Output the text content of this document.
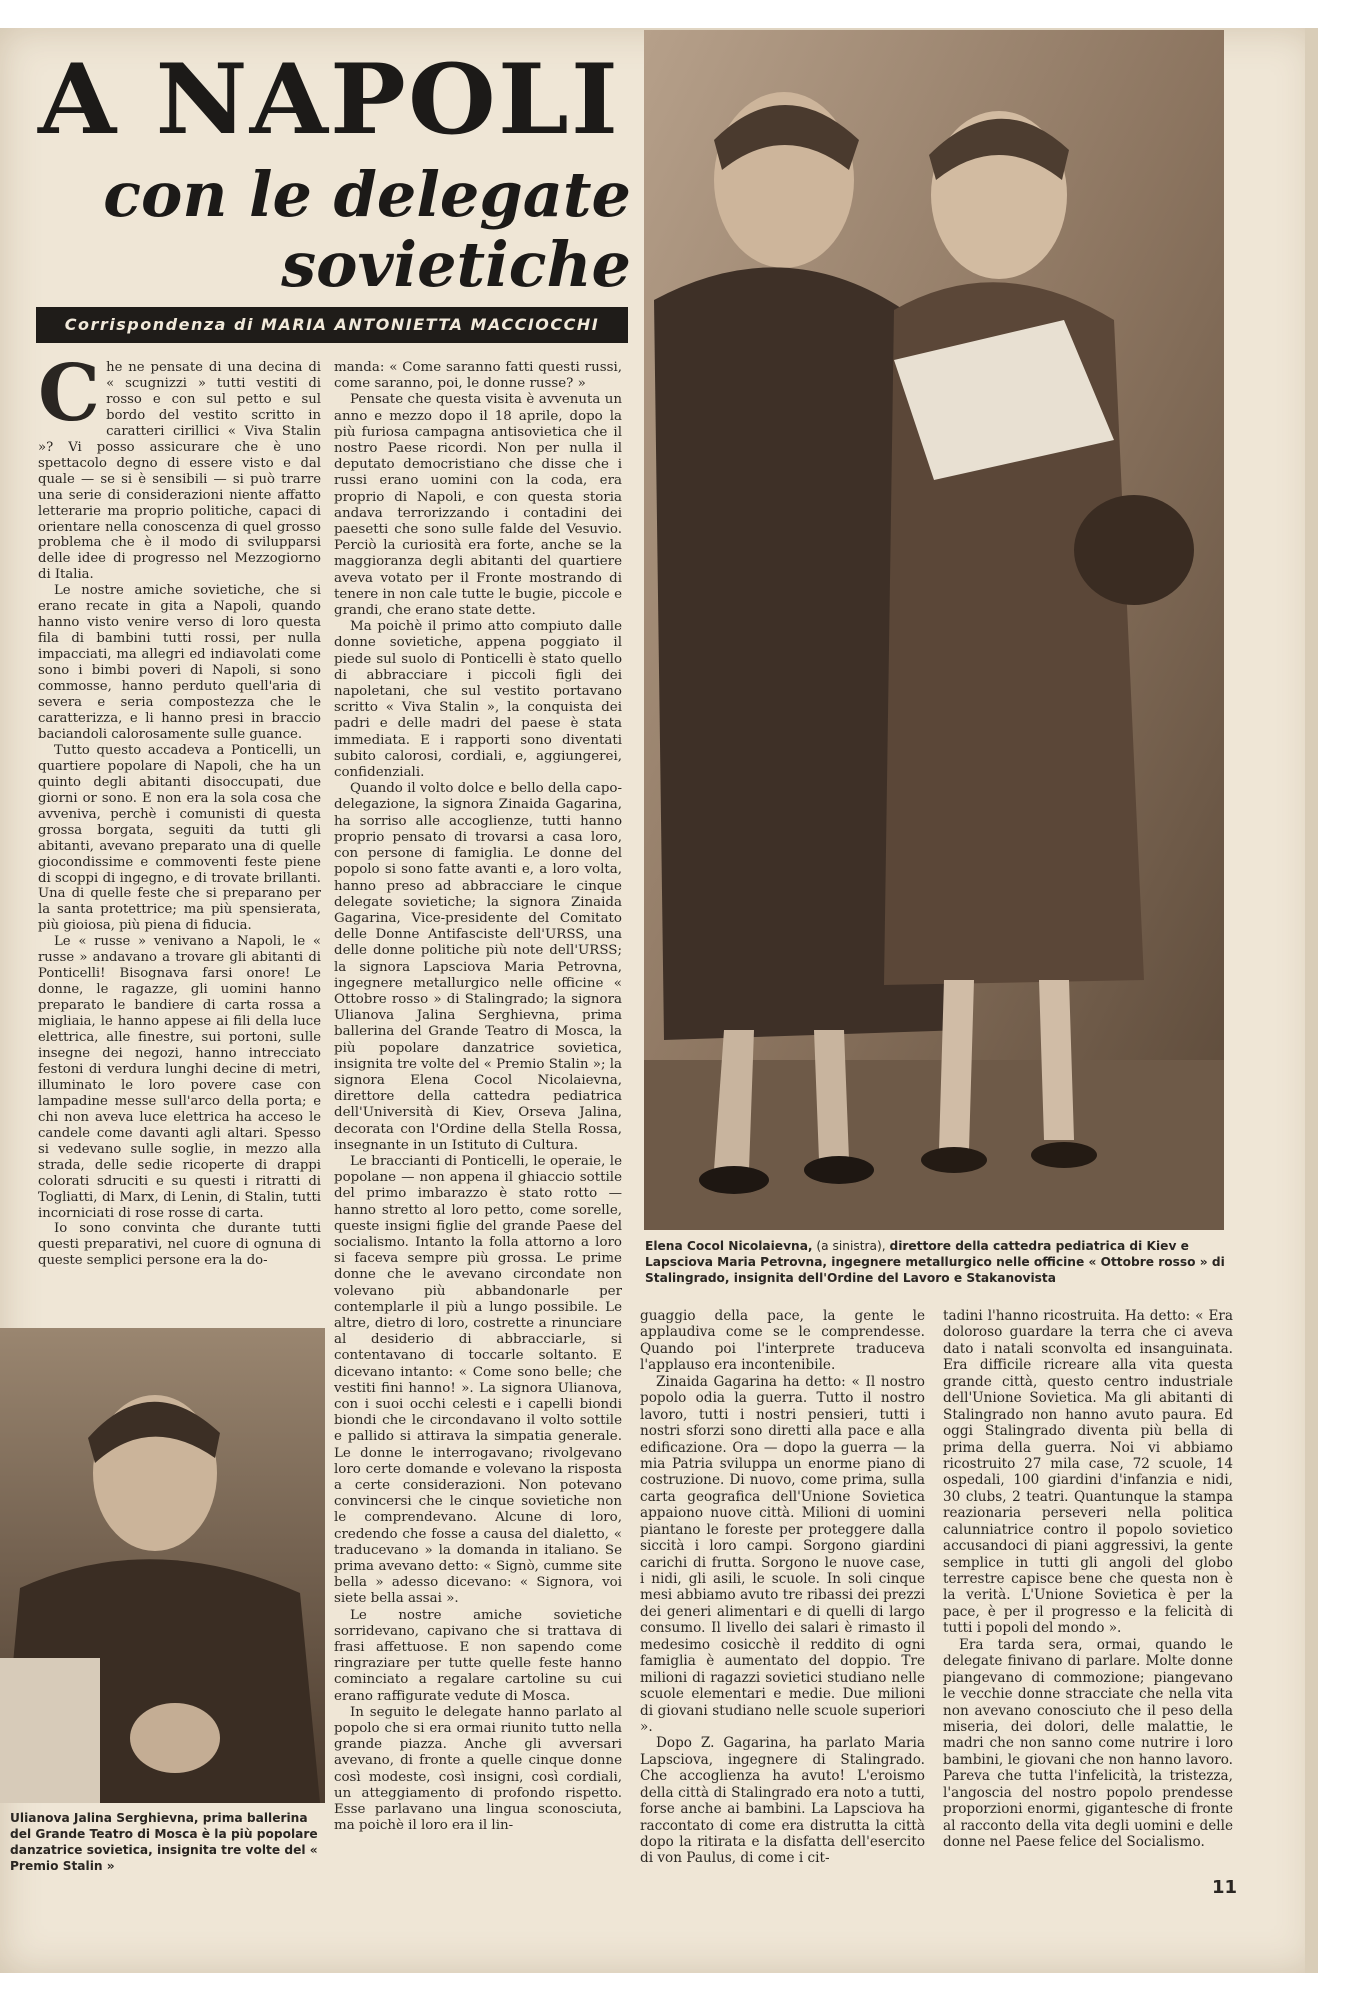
A NAPOLI
con le delegate sovietiche
Corrispondenza di MARIA ANTONIETTA MACCIOCCHI

Che ne pensate di una decina di « scugnizzi » tutti vestiti di rosso e con sul petto e sul bordo del vestito scritto in caratteri cirillici « Viva Stalin »? Vi posso assicurare che è uno spettacolo degno di essere visto e dal quale — se si è sensibili — si può trarre una serie di considerazioni niente affatto letterarie ma proprio politiche, capaci di orientare nella conoscenza di quel grosso problema che è il modo di svilupparsi delle idee di progresso nel Mezzogiorno di Italia.

Le nostre amiche sovietiche, che si erano recate in gita a Napoli, quando hanno visto venire verso di loro questa fila di bambini tutti rossi, per nulla impacciati, ma allegri ed indiavolati come sono i bimbi poveri di Napoli, si sono commosse, hanno perduto quell'aria di severa e seria compostezza che le caratterizza, e li hanno presi in braccio baciandoli calorosamente sulle guance.

Tutto questo accadeva a Ponticelli, un quartiere popolare di Napoli, che ha un quinto degli abitanti disoccupati, due giorni or sono. E non era la sola cosa che avveniva, perchè i comunisti di questa grossa borgata, seguiti da tutti gli abitanti, avevano preparato una di quelle giocondissime e commoventi feste piene di scoppi di ingegno, e di trovate brillanti. Una di quelle feste che si preparano per la santa protettrice; ma più spensierata, più gioiosa, più piena di fiducia.

Le « russe » venivano a Napoli, le « russe » andavano a trovare gli abitanti di Ponticelli! Bisognava farsi onore! Le donne, le ragazze, gli uomini hanno preparato le bandiere di carta rossa a migliaia, le hanno appese ai fili della luce elettrica, alle finestre, sui portoni, sulle insegne dei negozi, hanno intrecciato festoni di verdura lunghi decine di metri, illuminato le loro povere case con lampadine messe sull'arco della porta; e chi non aveva luce elettrica ha acceso le candele come davanti agli altari. Spesso si vedevano sulle soglie, in mezzo alla strada, delle sedie ricoperte di drappi colorati sdruciti e su questi i ritratti di Togliatti, di Marx, di Lenin, di Stalin, tutti incorniciati di rose rosse di carta.

Io sono convinta che durante tutti questi preparativi, nel cuore di ognuna di queste semplici persone era la do-

manda: « Come saranno fatti questi russi, come saranno, poi, le donne russe? »

Pensate che questa visita è avvenuta un anno e mezzo dopo il 18 aprile, dopo la più furiosa campagna antisovietica che il nostro Paese ricordi. Non per nulla il deputato democristiano che disse che i russi erano uomini con la coda, era proprio di Napoli, e con questa storia andava terrorizzando i contadini dei paesetti che sono sulle falde del Vesuvio. Perciò la curiosità era forte, anche se la maggioranza degli abitanti del quartiere aveva votato per il Fronte mostrando di tenere in non cale tutte le bugie, piccole e grandi, che erano state dette.

Ma poichè il primo atto compiuto dalle donne sovietiche, appena poggiato il piede sul suolo di Ponticelli è stato quello di abbracciare i piccoli figli dei napoletani, che sul vestito portavano scritto « Viva Stalin », la conquista dei padri e delle madri del paese è stata immediata. E i rapporti sono diventati subito calorosi, cordiali, e, aggiungerei, confidenziali.

Quando il volto dolce e bello della capo-delegazione, la signora Zinaida Gagarina, ha sorriso alle accoglienze, tutti hanno proprio pensato di trovarsi a casa loro, con persone di famiglia. Le donne del popolo si sono fatte avanti e, a loro volta, hanno preso ad abbracciare le cinque delegate sovietiche; la signora Zinaida Gagarina, Vice-presidente del Comitato delle Donne Antifasciste dell'URSS, una delle donne politiche più note dell'URSS; la signora Lapsciova Maria Petrovna, ingegnere metallurgico nelle officine « Ottobre rosso » di Stalingrado; la signora Ulianova Jalina Serghievna, prima ballerina del Grande Teatro di Mosca, la più popolare danzatrice sovietica, insignita tre volte del « Premio Stalin »; la signora Elena Cocol Nicolaievna, direttore della cattedra pediatrica dell'Università di Kiev, Orseva Jalina, decorata con l'Ordine della Stella Rossa, insegnante in un Istituto di Cultura.

Le braccianti di Ponticelli, le operaie, le popolane — non appena il ghiaccio sottile del primo imbarazzo è stato rotto — hanno stretto al loro petto, come sorelle, queste insigni figlie del grande Paese del socialismo. Intanto la folla attorno a loro si faceva sempre più grossa. Le prime donne che le avevano circondate non volevano più abbandonarle per contemplarle il più a lungo possibile. Le altre, dietro di loro, costrette a rinunciare al desiderio di abbracciarle, si contentavano di toccarle soltanto. E dicevano intanto: « Come sono belle; che vestiti fini hanno! ». La signora Ulianova, con i suoi occhi celesti e i capelli biondi biondi che le circondavano il volto sottile e pallido si attirava la simpatia generale. Le donne le interrogavano; rivolgevano loro certe domande e volevano la risposta a certe considerazioni. Non potevano convincersi che le cinque sovietiche non le comprendevano. Alcune di loro, credendo che fosse a causa del dialetto, « traducevano » la domanda in italiano. Se prima avevano detto: « Signò, cumme site bella » adesso dicevano: « Signora, voi siete bella assai ».

Le nostre amiche sovietiche sorridevano, capivano che si trattava di frasi affettuose. E non sapendo come ringraziare per tutte quelle feste hanno cominciato a regalare cartoline su cui erano raffigurate vedute di Mosca.

In seguito le delegate hanno parlato al popolo che si era ormai riunito tutto nella grande piazza. Anche gli avversari avevano, di fronte a quelle cinque donne così modeste, così insigni, così cordiali, un atteggiamento di profondo rispetto. Esse parlavano una lingua sconosciuta, ma poichè il loro era il lin-

guaggio della pace, la gente le applaudiva come se le comprendesse. Quando poi l'interprete traduceva l'applauso era incontenibile.

Zinaida Gagarina ha detto: « Il nostro popolo odia la guerra. Tutto il nostro lavoro, tutti i nostri pensieri, tutti i nostri sforzi sono diretti alla pace e alla edificazione. Ora — dopo la guerra — la mia Patria sviluppa un enorme piano di costruzione. Di nuovo, come prima, sulla carta geografica dell'Unione Sovietica appaiono nuove città. Milioni di uomini piantano le foreste per proteggere dalla siccità i loro campi. Sorgono giardini carichi di frutta. Sorgono le nuove case, i nidi, gli asili, le scuole. In soli cinque mesi abbiamo avuto tre ribassi dei prezzi dei generi alimentari e di quelli di largo consumo. Il livello dei salari è rimasto il medesimo cosicchè il reddito di ogni famiglia è aumentato del doppio. Tre milioni di ragazzi sovietici studiano nelle scuole elementari e medie. Due milioni di giovani studiano nelle scuole superiori ».

Dopo Z. Gagarina, ha parlato Maria Lapsciova, ingegnere di Stalingrado. Che accoglienza ha avuto! L'eroismo della città di Stalingrado era noto a tutti, forse anche ai bambini. La Lapsciova ha raccontato di come era distrutta la città dopo la ritirata e la disfatta dell'esercito di von Paulus, di come i cit-

tadini l'hanno ricostruita. Ha detto: « Era doloroso guardare la terra che ci aveva dato i natali sconvolta ed insanguinata. Era difficile ricreare alla vita questa grande città, questo centro industriale dell'Unione Sovietica. Ma gli abitanti di Stalingrado non hanno avuto paura. Ed oggi Stalingrado diventa più bella di prima della guerra. Noi vi abbiamo ricostruito 27 mila case, 72 scuole, 14 ospedali, 100 giardini d'infanzia e nidi, 30 clubs, 2 teatri. Quantunque la stampa reazionaria perseveri nella politica calunniatrice contro il popolo sovietico accusandoci di piani aggressivi, la gente semplice in tutti gli angoli del globo terrestre capisce bene che questa non è la verità. L'Unione Sovietica è per la pace, è per il progresso e la felicità di tutti i popoli del mondo ».

Era tarda sera, ormai, quando le delegate finivano di parlare. Molte donne piangevano di commozione; piangevano le vecchie donne stracciate che nella vita non avevano conosciuto che il peso della miseria, dei dolori, delle malattie, le madri che non sanno come nutrire i loro bambini, le giovani che non hanno lavoro. Pareva che tutta l'infelicità, la tristezza, l'angoscia del nostro popolo prendesse proporzioni enormi, gigantesche di fronte al racconto della vita degli uomini e delle donne nel Paese felice del Socialismo.

Elena Cocol Nicolaievna, (a sinistra), direttore della cattedra pediatrica di Kiev e Lapsciova Maria Petrovna, ingegnere metallurgico nelle officine « Ottobre rosso » di Stalingrado, insignita dell'Ordine del Lavoro e Stakanovista
Ulianova Jalina Serghievna, prima ballerina del Grande Teatro di Mosca è la più popolare danzatrice sovietica, insignita tre volte del « Premio Stalin »
11
